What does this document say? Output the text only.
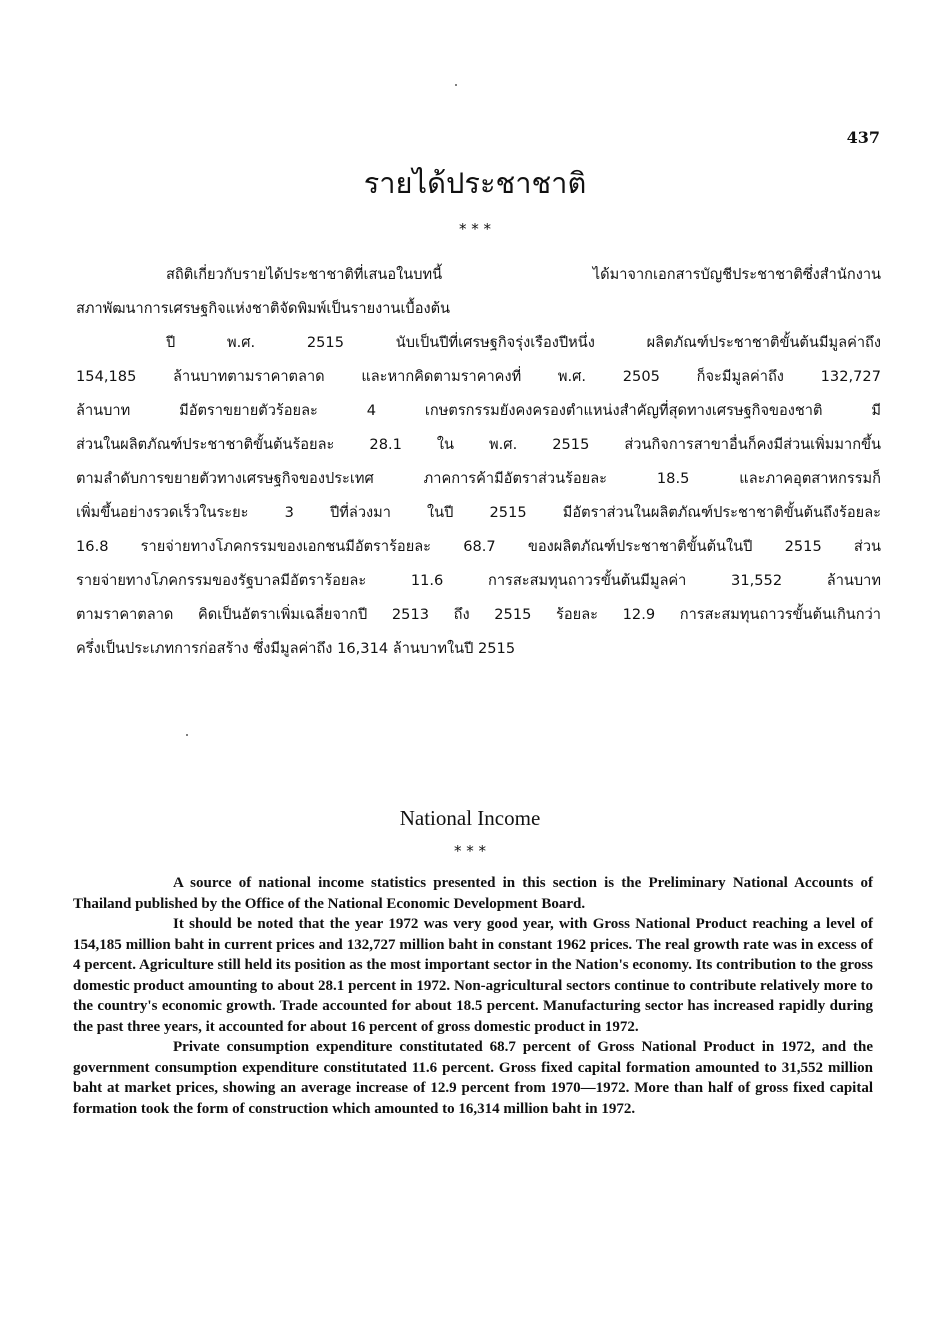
437
รายได้ประชาชาติ
* * *
สถิติเกี่ยวกับรายได้ประชาชาติที่เสนอในบทนี้ ได้มาจากเอกสารบัญชีประชาชาติซึ่งสำนักงาน
สภาพัฒนาการเศรษฐกิจแห่งชาติจัดพิมพ์เป็นรายงานเบื้องต้น
ปี พ.ศ. 2515 นับเป็นปีที่เศรษฐกิจรุ่งเรืองปีหนึ่ง ผลิตภัณฑ์ประชาชาติขั้นต้นมีมูลค่าถึง
154,185 ล้านบาทตามราคาตลาด และหากคิดตามราคาคงที่ พ.ศ. 2505 ก็จะมีมูลค่าถึง 132,727
ล้านบาท มีอัตราขยายตัวร้อยละ 4 เกษตรกรรมยังคงครองตำแหน่งสำคัญที่สุดทางเศรษฐกิจของชาติ มี
ส่วนในผลิตภัณฑ์ประชาชาติขั้นต้นร้อยละ 28.1 ใน พ.ศ. 2515 ส่วนกิจการสาขาอื่นก็คงมีส่วนเพิ่มมากขึ้น
ตามลำดับการขยายตัวทางเศรษฐกิจของประเทศ ภาคการค้ามีอัตราส่วนร้อยละ 18.5 และภาคอุตสาหกรรมก็
เพิ่มขึ้นอย่างรวดเร็วในระยะ 3 ปีที่ล่วงมา ในปี 2515 มีอัตราส่วนในผลิตภัณฑ์ประชาชาติขั้นต้นถึงร้อยละ
16.8 รายจ่ายทางโภคกรรมของเอกชนมีอัตราร้อยละ 68.7 ของผลิตภัณฑ์ประชาชาติขั้นต้นในปี 2515 ส่วน
รายจ่ายทางโภคกรรมของรัฐบาลมีอัตราร้อยละ 11.6 การสะสมทุนถาวรขั้นต้นมีมูลค่า 31,552 ล้านบาท
ตามราคาตลาด คิดเป็นอัตราเพิ่มเฉลี่ยจากปี 2513 ถึง 2515 ร้อยละ 12.9 การสะสมทุนถาวรขั้นต้นเกินกว่า
ครึ่งเป็นประเภทการก่อสร้าง ซึ่งมีมูลค่าถึง 16,314 ล้านบาทในปี 2515
National Income
* * *

A source of national income statistics presented in this section is the Preliminary National Accounts of Thailand published by the Office of the National Economic Development Board.

It should be noted that the year 1972 was very good year, with Gross National Product reaching a level of 154,185 million baht in current prices and 132,727 million baht in constant 1962 prices. The real growth rate was in excess of 4 percent. Agriculture still held its position as the most important sector in the Nation's economy. Its contribution to the gross domestic product amounting to about 28.1 percent in 1972. Non-agricultural sectors continue to contribute relatively more to the country's economic growth. Trade accounted for about 18.5 percent. Manufacturing sector has increased rapidly during the past three years, it accounted for about 16 percent of gross domestic product in 1972.

Private consumption expenditure constitutated 68.7 percent of Gross National Product in 1972, and the government consumption expenditure constitutated 11.6 percent. Gross fixed capital formation amounted to 31,552 million baht at market prices, showing an average increase of 12.9 percent from 1970—1972. More than half of gross fixed capital formation took the form of construction which amounted to 16,314 million baht in 1972.
